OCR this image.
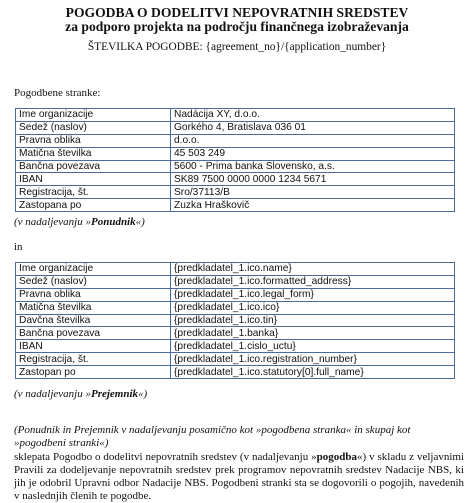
POGODBA O DODELITVI NEPOVRATNIH SREDSTEV
za podporo projekta na področju finančnega izobraževanja
ŠTEVILKA POGODBE: {agreement_no}/{application_number}
Pogodbene stranke:
Ime organizacije	Nadácija XY, d.o.o.
Sedež (naslov)	Gorkého 4, Bratislava 036 01
Pravna oblika	d.o.o.
Matična številka	45 503 249
Bančna povezava	5600 - Prima banka Slovensko, a.s.
IBAN	SK89 7500 0000 0000 1234 5671
Registracija, št.	Sro/37113/B
Zastopana po	Zuzka Hraškovič
(v nadaljevanju »Ponudnik«)
in
Ime organizacije	{predkladatel_1.ico.name}
Sedež (naslov)	{predkladatel_1.ico.formatted_address}
Pravna oblika	{predkladatel_1.ico.legal_form}
Matična številka	{predkladatel_1.ico.ico}
Davčna številka	{predkladatel_1.ico.tin}
Bančna povezava	{predkladatel_1.banka}
IBAN	{predkladatel_1.cislo_uctu}
Registracija, št.	{predkladatel_1.ico.registration_number}
Zastopan po	{predkladatel_1.ico.statutory[0].full_name}
(v nadaljevanju »Prejemnik«)
(Ponudnik in Prejemnik v nadaljevanju posamično kot »pogodbena stranka« in skupaj kot »pogodbeni stranki«)
sklepata Pogodbo o dodelitvi nepovratnih sredstev (v nadaljevanju »pogodba«) v skladu z veljavnimi Pravili za dodeljevanje nepovratnih sredstev prek programov nepovratnih sredstev Nadacije NBS, ki jih je odobril Upravni odbor Nadacije NBS. Pogodbeni stranki sta se dogovorili o pogojih, navedenih v naslednjih členih te pogodbe.
